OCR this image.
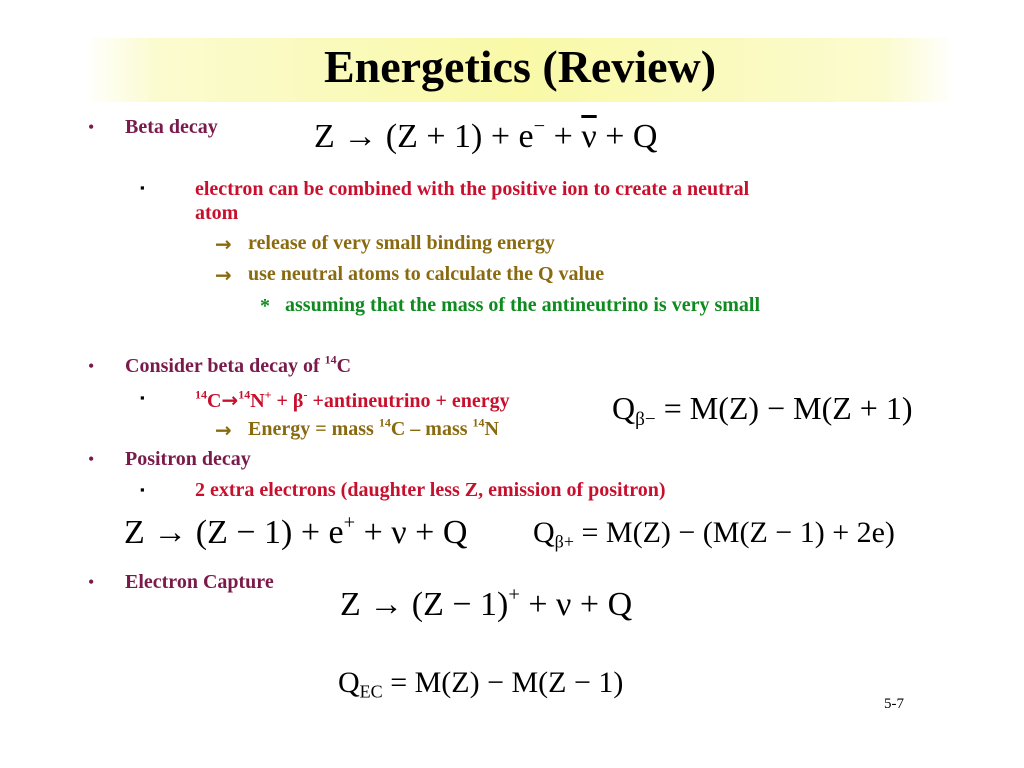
Energetics (Review)
• Beta decay	$Z \to (Z + 1) + e^- + \overline{\nu} + Q$
▪	electron can be combined with the positive ion to create a neutral
atom
→ release of very small binding energy
→ use neutral atoms to calculate the Q value
* assuming that the mass of the antineutrino is very small
• Consider beta decay of $^{14}$C
▪	$^{14}$C→$^{14}$N+ + β- +antineutrino + energy
→ Energy = mass $^{14}$C – mass $^{14}$N
$Q_{\beta-} = M(Z) - M(Z + 1)$
• Positron decay
▪	2 extra electrons (daughter less Z, emission of positron)
Z → (Z − 1) + e+ + ν + Q $Q_{\beta+} = M(Z) - (M(Z - 1) + 2e)$
• Electron Capture
Z → (Z − 1)+ + ν + Q
$Q_{EC} = M(Z) - M(Z - 1)$
5-7
